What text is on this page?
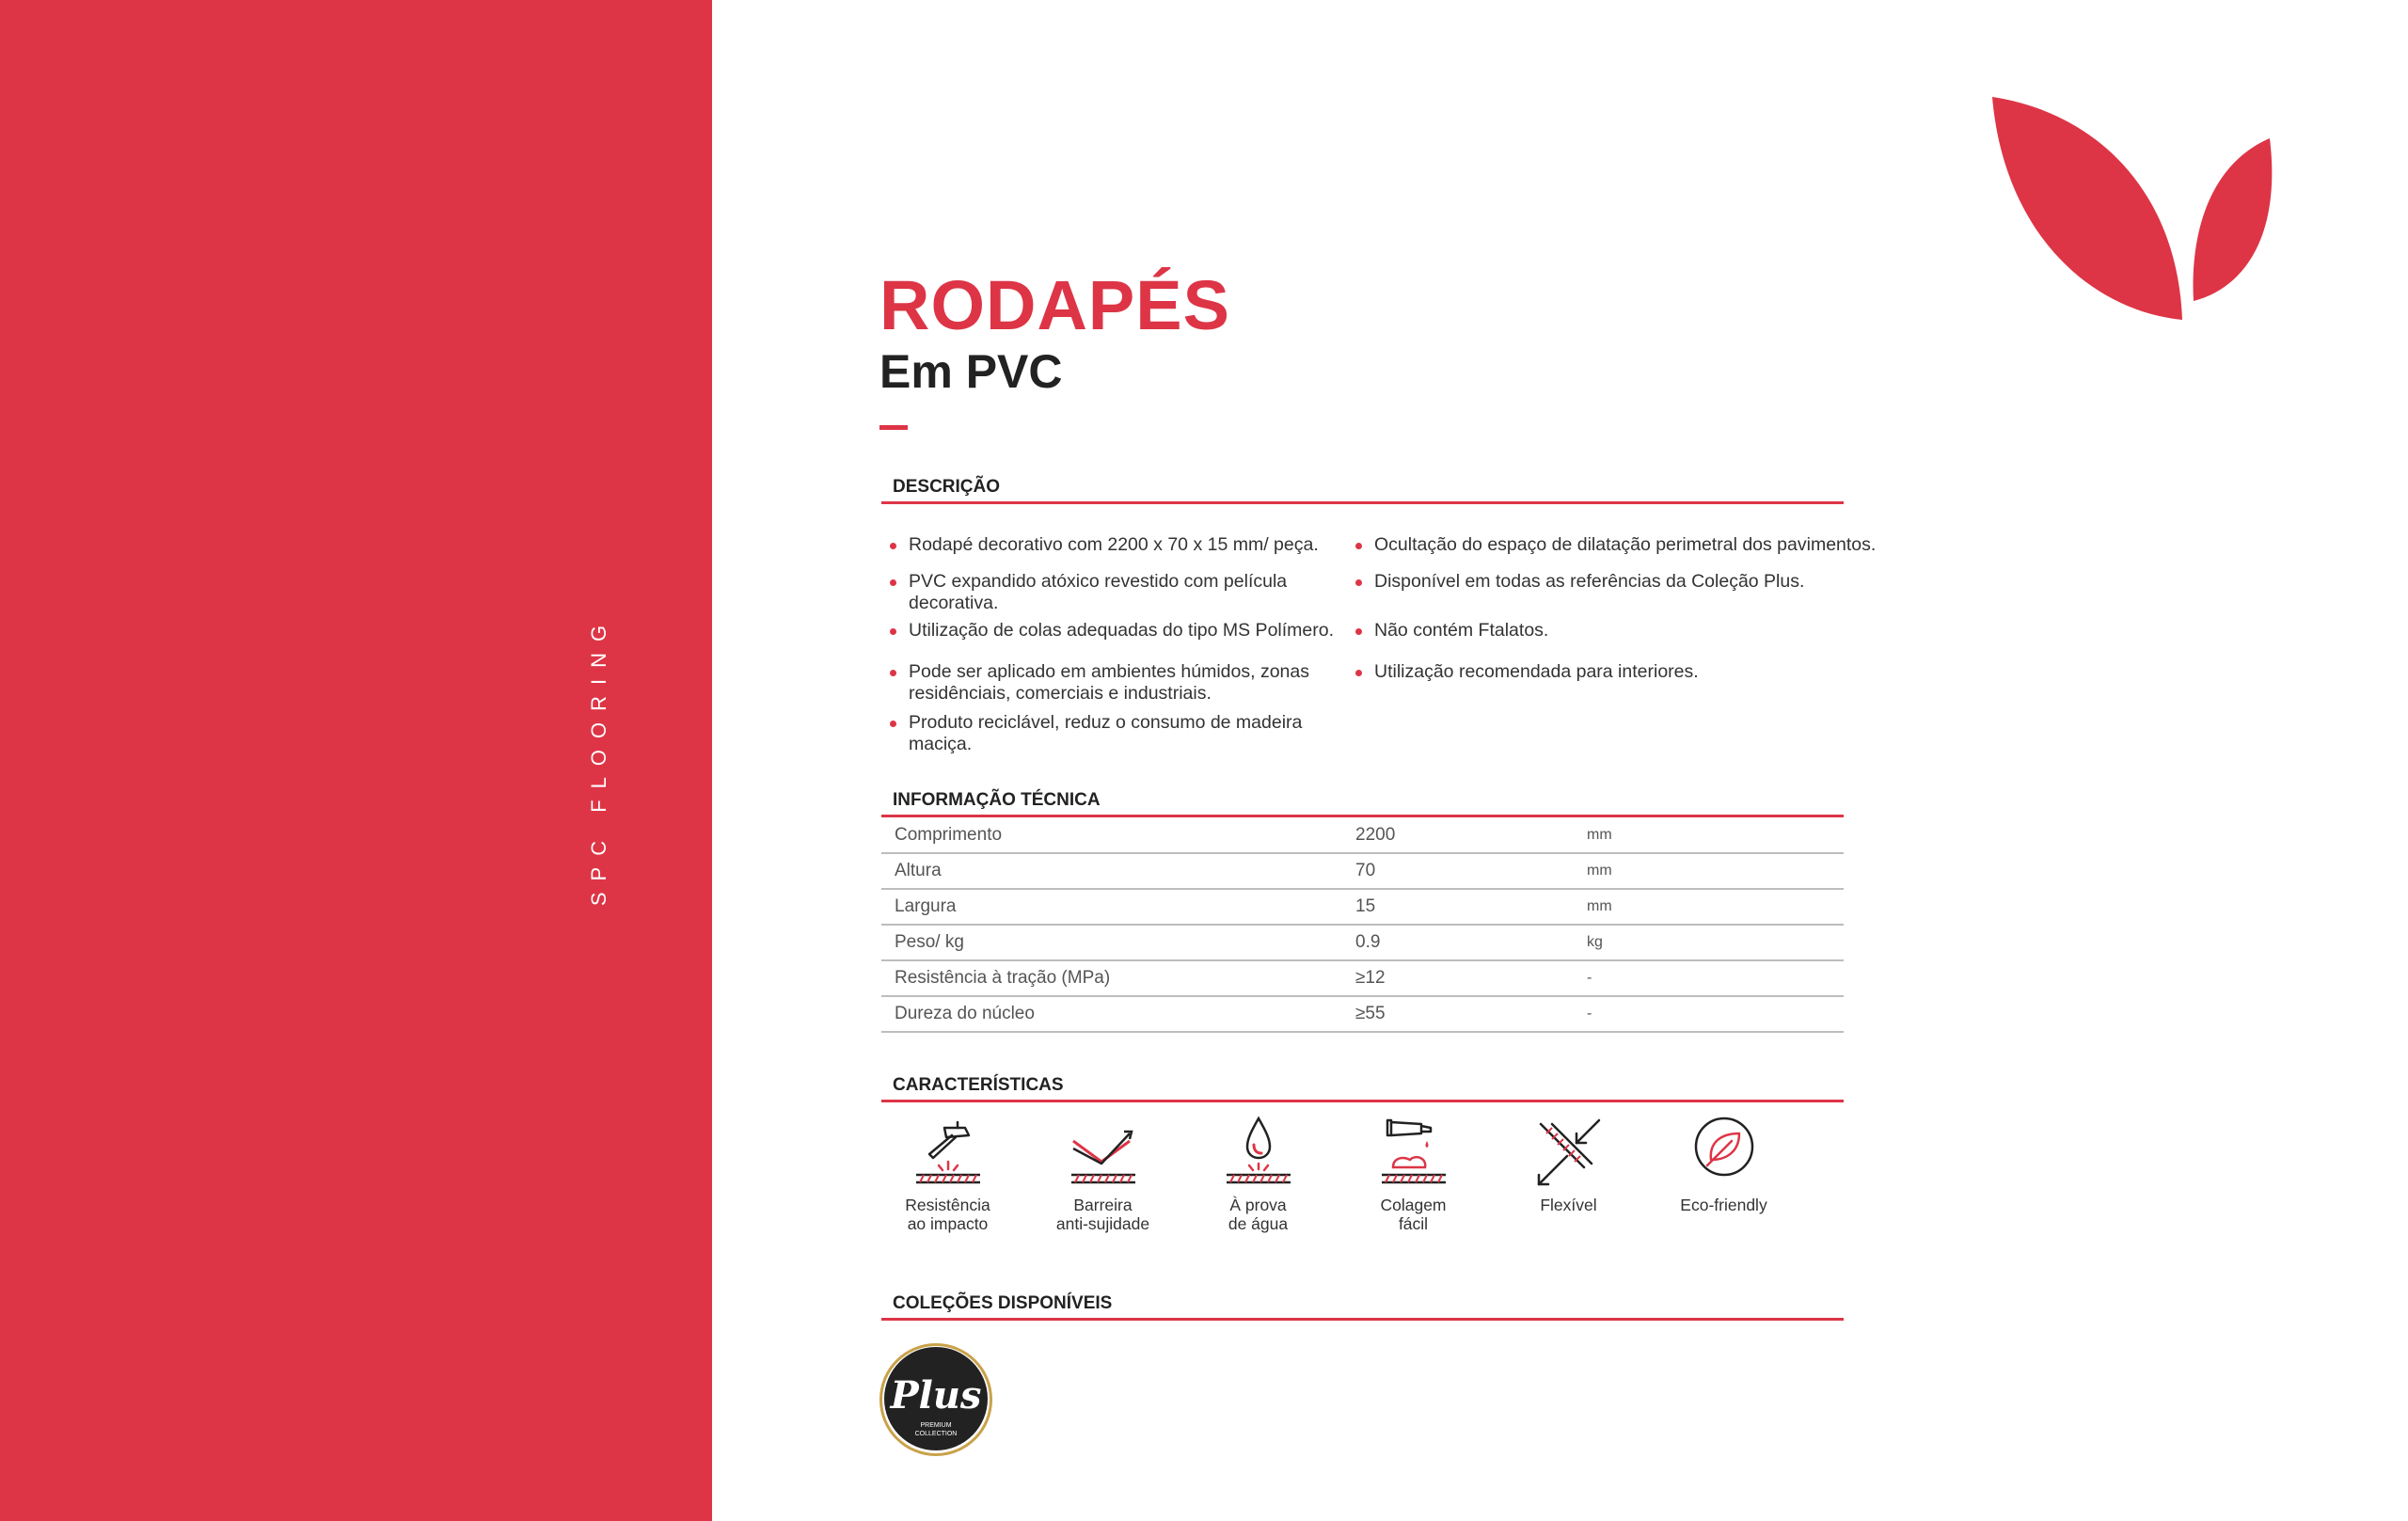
SPC FLOORING
RODAPÉS
Em PVC
DESCRIÇÃO
Rodapé decorativo com 2200 x 70 x 15 mm/ peça.
PVC expandido atóxico revestido com película decorativa.
Utilização de colas adequadas do tipo MS Polímero.
Pode ser aplicado em ambientes húmidos, zonas residênciais, comerciais e industriais.
Produto reciclável, reduz o consumo de madeira maciça.
Ocultação do espaço de dilatação perimetral dos pavimentos.
Disponível em todas as referências da Coleção Plus.
Não contém Ftalatos.
Utilização recomendada para interiores.
INFORMAÇÃO TÉCNICA
Comprimento	2200	mm
Altura	70	mm
Largura	15	mm
Peso/ kg	0.9	kg
Resistência à tração (MPa)	≥12	-
Dureza do núcleo	≥55	-
CARACTERÍSTICAS
Resistência
ao impacto
Barreira
anti-sujidade
À prova
de água
Colagem
fácil
Flexível	Eco-friendly

COLEÇÕES DISPONÍVEIS
Plus
PREMIUM
COLLECTION
